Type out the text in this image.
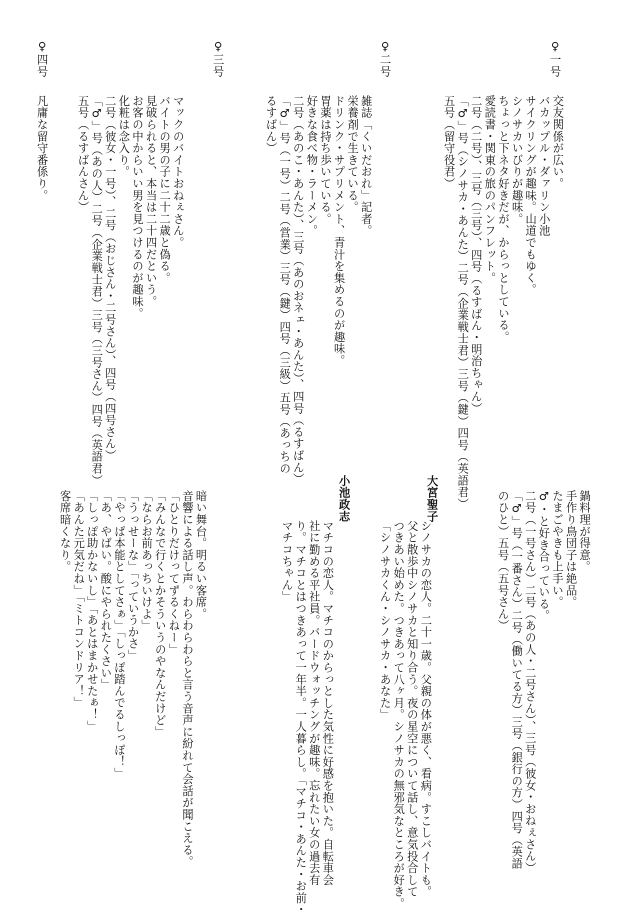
♀一号
♀二号
♀三号
♀四号
交友関係が広い。
バカップル・ダァリン小池
サイクリングが趣味。山道でもゆく。
シノサカいびりが趣味。
ちょっと下ネタ好きだが、からっとしている。
愛読書・関東の旅のパンフレット。
二号（二号）、三号（三号）、四号（るすばん・明治ちゃん）
「♂」号（シノサカ・あんた）二号（企業戦士君）三号（鍵）四号（英語君）
五号（留守役君）
雑誌「くいだおれ」記者。
栄養剤で生きている。
ドリンク・サプリメント、青汁を集めるのが趣味。
胃薬は持ち歩いている。
好きな食べ物・ラーメン。
二号（あのこ・あんた）、三号（あのおネェ・あんた）、四号（るすばん）
「♂」号（一号）二号（営業）三号（鍵）四号（三級）五号（あっちの
るすばん）
マックのバイトおねぇさん。
バイトの男の子に二十二歳と偽る。
見破られると、本当は二十四だという。
お客の中からいい男を見つけるのが趣味。
化粧は念入り。
二号（彼女・一号）、二号（おじさん・二号さん）、四号（四号さん）
「♂」号（あの人）二号（企業戦士君）三号（三号さん）四号（英語君）
五号（るすばんさん）
凡庸な留守番係り。
鍋料理が得意。
手作り鳥団子は絶品。
たまごやきも上手い。
♂・と好き合っている。
二号（一号さん）二号（あの人・二号さん）、三号（彼女・おねぇさん）
「♂」号（一番さん）二号（働いてる方）三号（銀行の方）四号（英語
のひと）五号（五号さん）
大宮聖子
シノサカの恋人。二十一歳。父親の体が悪く、看病。すこしバイトも。
父と散歩中シノサカと知り合う。夜の星空について話し、意気投合して
つきあい始めた。つきあって八ヶ月。シノサカの無邪気なところが好き。
「シノサカくん・シノサカ・あなた」
小池政志
マチコの恋人。マチコのからっとした気性に好感を抱いた。自転車会
社に勤める平社員。バードウォッチングが趣味。忘れたい女の過去有
り。マチコとはつきあって一年半。一人暮らし。「マチコ・あんた・お前・
マチコちゃん」
暗い舞台。明るい客席。
音響による話し声。わらわらわらと言う音声に紛れて会話が聞こえる。
「ひとりだけってずるくねー」
「みんなで行くとかそういうのやなんだけど」
「ならお前あっちいけよ」
「うっせーな」「っていうかさ」
「やっぱ本能としてさぁ」「しっぽ踏んでるしっぽ！」
「あ、やばい。酸にやられたくさい」
「しっぽ助かないし」「あとはまかせたぁ！」
「あんた元気だね」「ミトコンドリア！」
客席暗くなり。
